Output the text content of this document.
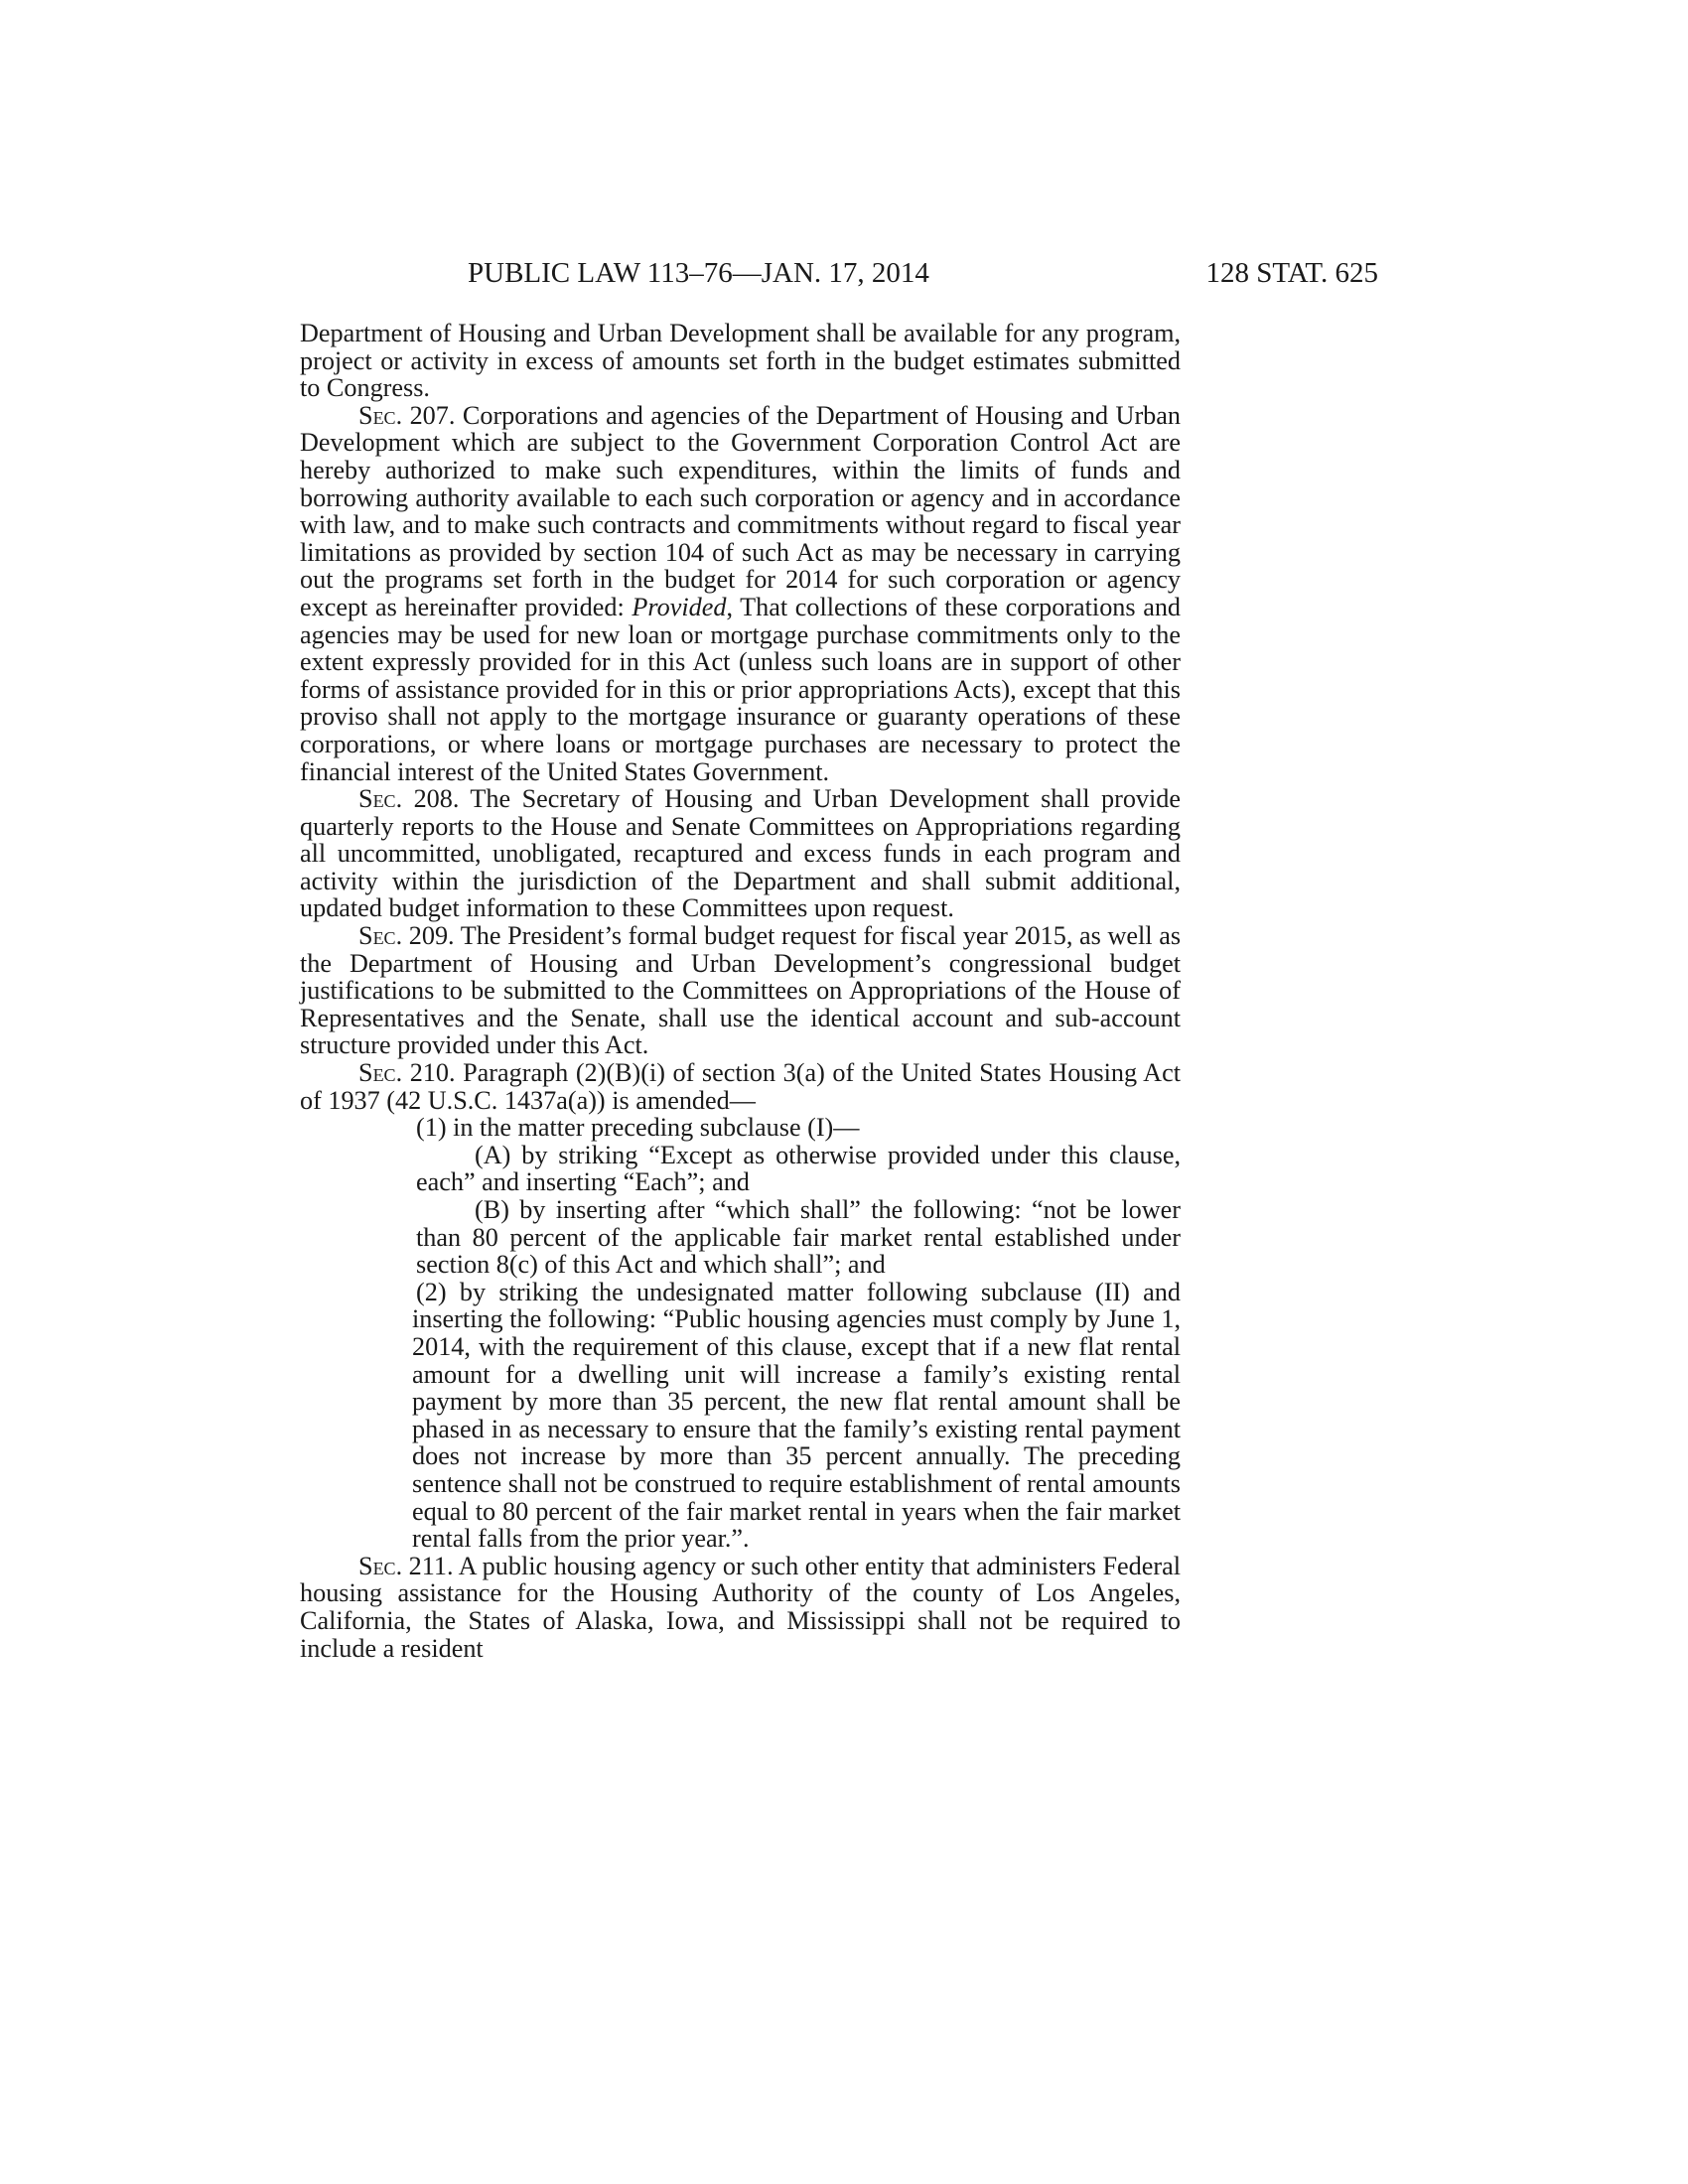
PUBLIC LAW 113–76—JAN. 17, 2014	128 STAT. 625

Department of Housing and Urban Development shall be available for any program, project or activity in excess of amounts set forth in the budget estimates submitted to Congress.

Sec. 207. Corporations and agencies of the Department of Housing and Urban Development which are subject to the Government Corporation Control Act are hereby authorized to make such expenditures, within the limits of funds and borrowing authority available to each such corporation or agency and in accordance with law, and to make such contracts and commitments without regard to fiscal year limitations as provided by section 104 of such Act as may be necessary in carrying out the programs set forth in the budget for 2014 for such corporation or agency except as hereinafter provided: Provided, That collections of these corporations and agencies may be used for new loan or mortgage purchase commitments only to the extent expressly provided for in this Act (unless such loans are in support of other forms of assistance provided for in this or prior appropriations Acts), except that this proviso shall not apply to the mortgage insurance or guaranty operations of these corporations, or where loans or mortgage purchases are necessary to protect the financial interest of the United States Government.

Sec. 208. The Secretary of Housing and Urban Development shall provide quarterly reports to the House and Senate Committees on Appropriations regarding all uncommitted, unobligated, recaptured and excess funds in each program and activity within the jurisdiction of the Department and shall submit additional, updated budget information to these Committees upon request.

Sec. 209. The President’s formal budget request for fiscal year 2015, as well as the Department of Housing and Urban Development’s congressional budget justifications to be submitted to the Committees on Appropriations of the House of Representatives and the Senate, shall use the identical account and sub-account structure provided under this Act.

Sec. 210. Paragraph (2)(B)(i) of section 3(a) of the United States Housing Act of 1937 (42 U.S.C. 1437a(a)) is amended—

(1) in the matter preceding subclause (I)—

(A) by striking “Except as otherwise provided under this clause, each” and inserting “Each”; and

(B) by inserting after “which shall” the following: “not be lower than 80 percent of the applicable fair market rental established under section 8(c) of this Act and which shall”; and

(2) by striking the undesignated matter following subclause (II) and inserting the following: “Public housing agencies must comply by June 1, 2014, with the requirement of this clause, except that if a new flat rental amount for a dwelling unit will increase a family’s existing rental payment by more than 35 percent, the new flat rental amount shall be phased in as necessary to ensure that the family’s existing rental payment does not increase by more than 35 percent annually. The preceding sentence shall not be construed to require establishment of rental amounts equal to 80 percent of the fair market rental in years when the fair market rental falls from the prior year.”.

Sec. 211. A public housing agency or such other entity that administers Federal housing assistance for the Housing Authority of the county of Los Angeles, California, the States of Alaska, Iowa, and Mississippi shall not be required to include a resident
